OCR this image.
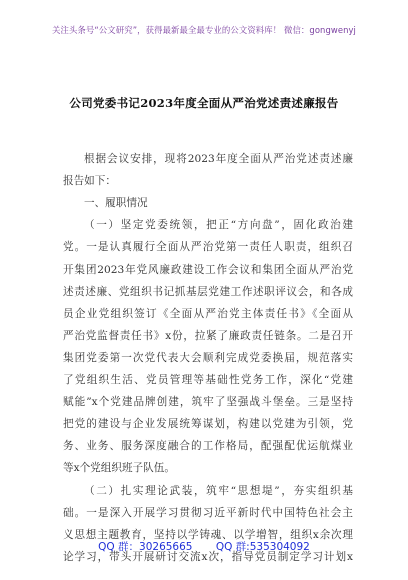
关注头条号“公文研究”，获得最新最全最专业的公文资料库！ 微信：gongwenyj
公司党委书记2023年度全面从严治党述责述廉报告
根据会议安排，现将2023年度全面从严治党述责述廉
报告如下：
一、履职情况
（一）坚定党委统领，把正“方向盘”，固化政治建
党。一是认真履行全面从严治党第一责任人职责，组织召
开集团2023年党风廉政建设工作会议和集团全面从严治党
述责述廉、党组织书记抓基层党建工作述职评议会，和各成
员企业党组织签订《全面从严治党主体责任书》《全面从
严治党监督责任书》x份，拉紧了廉政责任链条。二是召开
集团党委第一次党代表大会顺利完成党委换届，规范落实
了党组织生活、党员管理等基础性党务工作，深化“党建
赋能”x个党建品牌创建，筑牢了坚强战斗堡垒。三是坚持
把党的建设与企业发展统筹谋划，构建以党建为引领，党
务、业务、服务深度融合的工作格局，配强配优运航煤业
等x个党组织班子队伍。
（二）扎实理论武装，筑牢“思想堤”，夯实组织基
础。一是深入开展学习贯彻习近平新时代中国特色社会主
义思想主题教育，坚持以学铸魂、以学增智，组织x余次理
论学习，带头开展研讨交流x次，指导党员制定学习计划x
QQ 群：30265665 QQ 群:535304092
